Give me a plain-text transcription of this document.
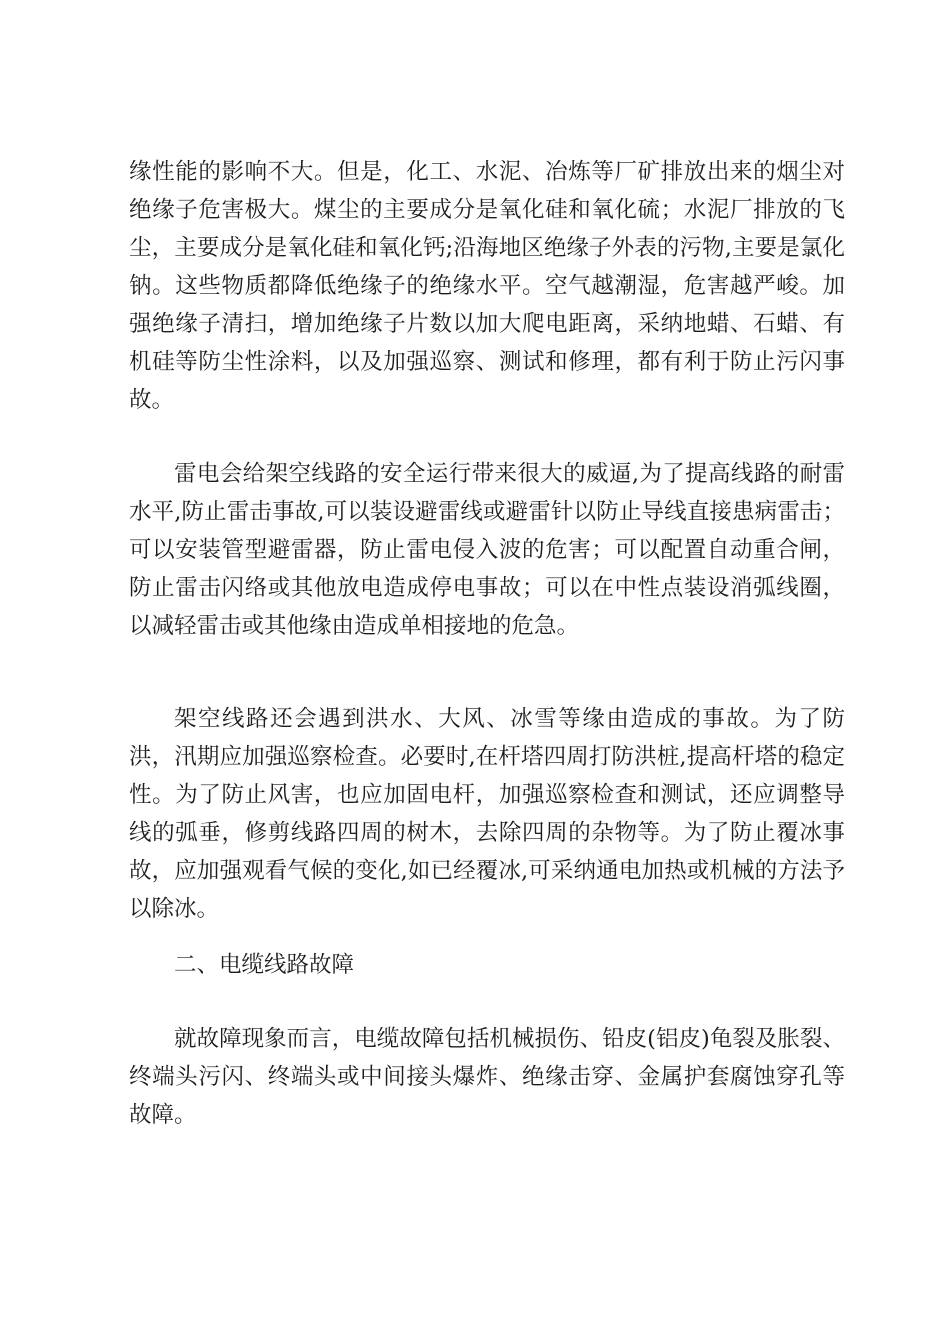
缘性能的影响不大。但是，化工、水泥、冶炼等厂矿排放出来的烟尘对绝缘子危害极大。煤尘的主要成分是氧化硅和氧化硫；水泥厂排放的飞尘，主要成分是氧化硅和氧化钙;沿海地区绝缘子外表的污物,主要是氯化钠。这些物质都降低绝缘子的绝缘水平。空气越潮湿，危害越严峻。加强绝缘子清扫，增加绝缘子片数以加大爬电距离，采纳地蜡、石蜡、有机硅等防尘性涂料，以及加强巡察、测试和修理，都有利于防止污闪事故。

雷电会给架空线路的安全运行带来很大的威逼,为了提高线路的耐雷水平,防止雷击事故,可以装设避雷线或避雷针以防止导线直接患病雷击；可以安装管型避雷器，防止雷电侵入波的危害；可以配置自动重合闸，防止雷击闪络或其他放电造成停电事故；可以在中性点装设消弧线圈，以减轻雷击或其他缘由造成单相接地的危急。

架空线路还会遇到洪水、大风、冰雪等缘由造成的事故。为了防洪，汛期应加强巡察检查。必要时,在杆塔四周打防洪桩,提高杆塔的稳定性。为了防止风害，也应加固电杆，加强巡察检查和测试，还应调整导线的弧垂，修剪线路四周的树木，去除四周的杂物等。为了防止覆冰事故，应加强观看气候的变化,如已经覆冰,可采纳通电加热或机械的方法予以除冰。

二、电缆线路故障

就故障现象而言，电缆故障包括机械损伤、铅皮(铝皮)龟裂及胀裂、终端头污闪、终端头或中间接头爆炸、绝缘击穿、金属护套腐蚀穿孔等故障。
